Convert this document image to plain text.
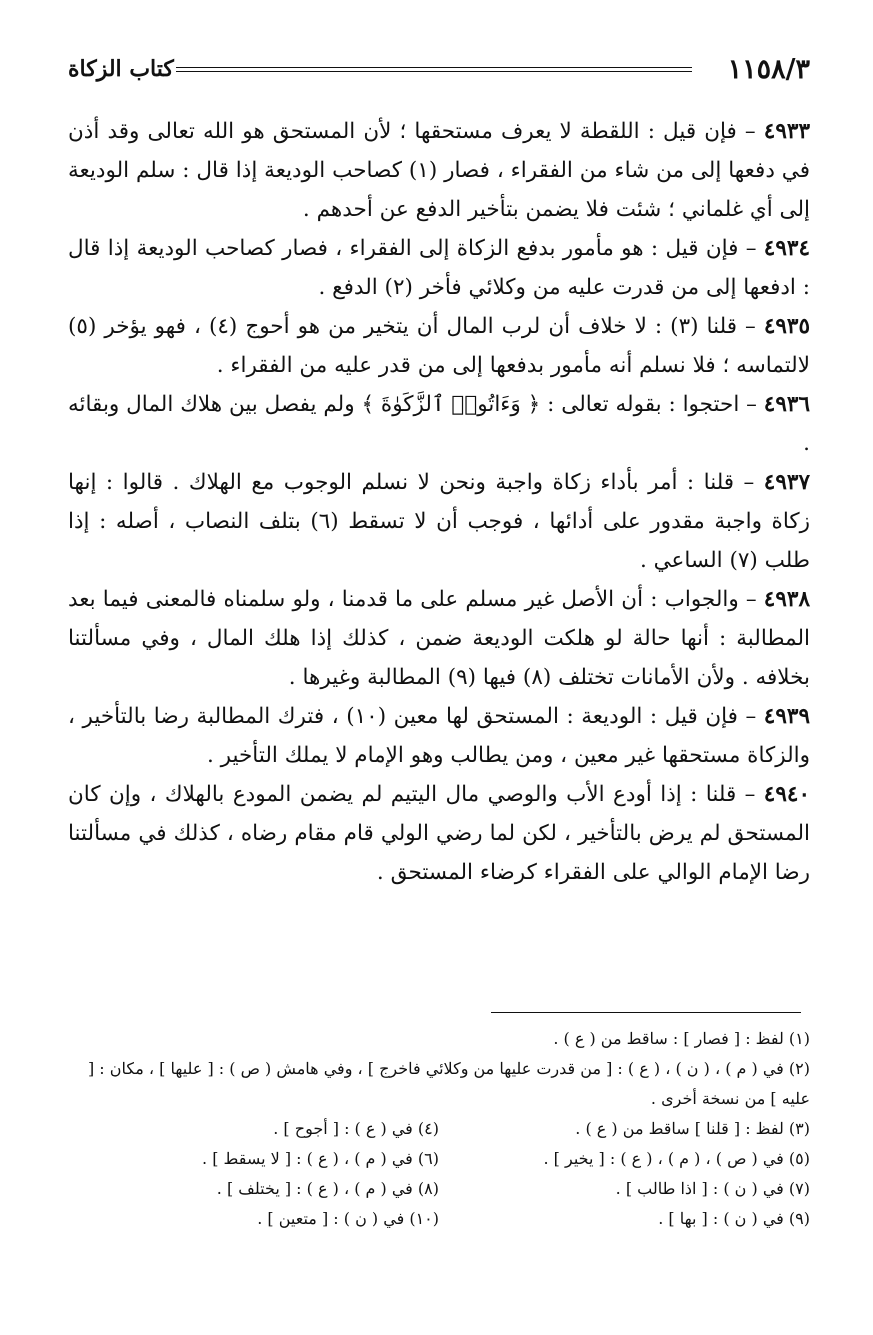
١١٥٨/٣
كتاب الزكاة

٤٩٣٣ – فإن قيل : اللقطة لا يعرف مستحقها ؛ لأن المستحق هو الله تعالى وقد أذن في دفعها إلى من شاء من الفقراء ، فصار (١) كصاحب الوديعة إذا قال : سلم الوديعة إلى أي غلماني ؛ شئت فلا يضمن بتأخير الدفع عن أحدهم .

٤٩٣٤ – فإن قيل : هو مأمور بدفع الزكاة إلى الفقراء ، فصار كصاحب الوديعة إذا قال : ادفعها إلى من قدرت عليه من وكلائي فأخر (٢) الدفع .

٤٩٣٥ – قلنا (٣) : لا خلاف أن لرب المال أن يتخير من هو أحوج (٤) ، فهو يؤخر (٥) لالتماسه ؛ فلا نسلم أنه مأمور بدفعها إلى من قدر عليه من الفقراء .

٤٩٣٦ – احتجوا : بقوله تعالى : ﴿ وَءَاتُوا۟ ٱلزَّكَوٰةَ ﴾ ولم يفصل بين هلاك المال وبقائه .

٤٩٣٧ – قلنا : أمر بأداء زكاة واجبة ونحن لا نسلم الوجوب مع الهلاك . قالوا : إنها زكاة واجبة مقدور على أدائها ، فوجب أن لا تسقط (٦) بتلف النصاب ، أصله : إذا طلب (٧) الساعي .

٤٩٣٨ – والجواب : أن الأصل غير مسلم على ما قدمنا ، ولو سلمناه فالمعنى فيما بعد المطالبة : أنها حالة لو هلكت الوديعة ضمن ، كذلك إذا هلك المال ، وفي مسألتنا بخلافه . ولأن الأمانات تختلف (٨) فيها (٩) المطالبة وغيرها .

٤٩٣٩ – فإن قيل : الوديعة : المستحق لها معين (١٠) ، فترك المطالبة رضا بالتأخير ، والزكاة مستحقها غير معين ، ومن يطالب وهو الإمام لا يملك التأخير .

٤٩٤٠ – قلنا : إذا أودع الأب والوصي مال اليتيم لم يضمن المودع بالهلاك ، وإن كان المستحق لم يرض بالتأخير ، لكن لما رضي الولي قام مقام رضاه ، كذلك في مسألتنا رضا الإمام الوالي على الفقراء كرضاء المستحق .

(١) لفظ : [ فصار ] : ساقط من ( ع ) .
(٢) في ( م ) ، ( ن ) ، ( ع ) : [ من قدرت عليها من وكلائي فاخرج ] ، وفي هامش ( ص ) : [ عليها ] ، مكان : [ عليه ] من نسخة أخرى .
(٣) لفظ : [ قلنا ] ساقط من ( ع ) .
(٤) في ( ع ) : [ أجوح ] .
(٥) في ( ص ) ، ( م ) ، ( ع ) : [ يخير ] .
(٦) في ( م ) ، ( ع ) : [ لا يسقط ] .
(٧) في ( ن ) : [ اذا طالب ] .
(٨) في ( م ) ، ( ع ) : [ يختلف ] .
(٩) في ( ن ) : [ بها ] .
(١٠) في ( ن ) : [ متعين ] .
